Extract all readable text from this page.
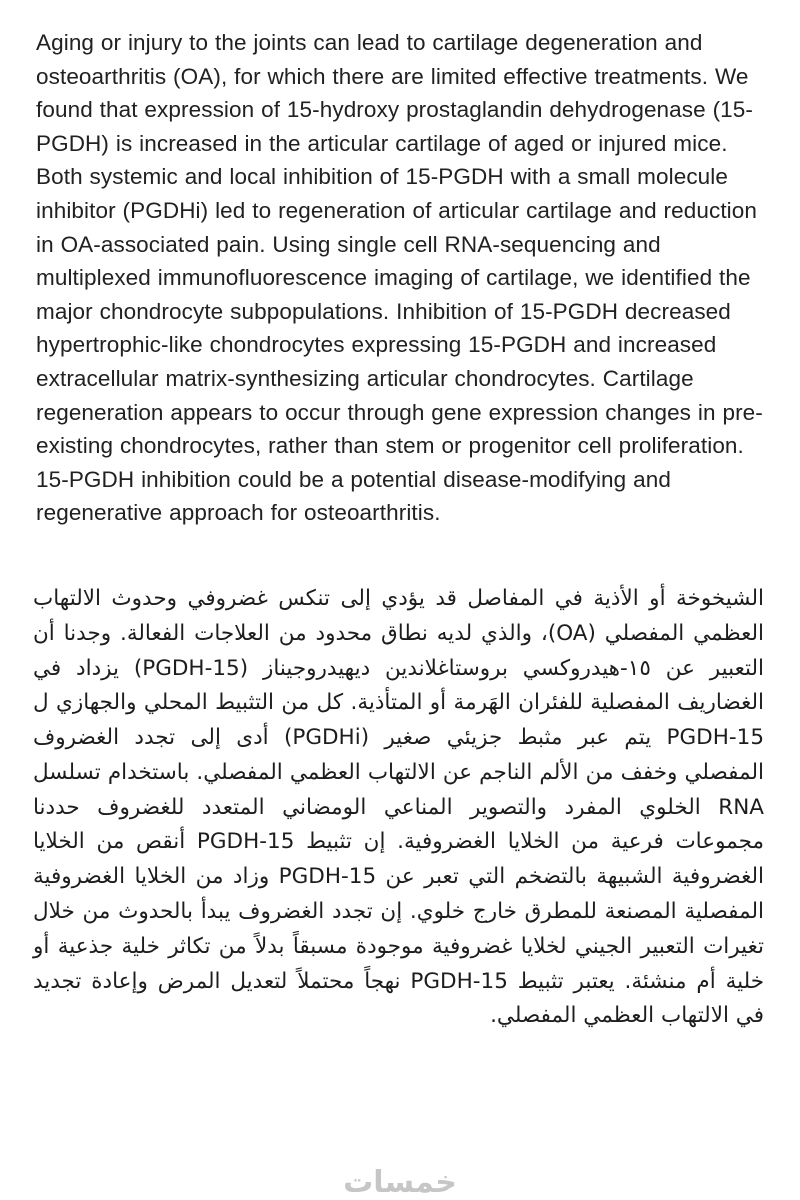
Aging or injury to the joints can lead to cartilage degeneration and osteoarthritis (OA), for which there are limited effective treatments. We found that expression of 15-hydroxy prostaglandin dehydrogenase (15-PGDH) is increased in the articular cartilage of aged or injured mice. Both systemic and local inhibition of 15-PGDH with a small molecule inhibitor (PGDHi) led to regeneration of articular cartilage and reduction in OA-associated pain. Using single cell RNA-sequencing and multiplexed immunofluorescence imaging of cartilage, we identified the major chondrocyte subpopulations. Inhibition of 15-PGDH decreased hypertrophic-like chondrocytes expressing 15-PGDH and increased extracellular matrix-synthesizing articular chondrocytes. Cartilage regeneration appears to occur through gene expression changes in pre-existing chondrocytes, rather than stem or progenitor cell proliferation. 15-PGDH inhibition could be a potential disease-modifying and regenerative approach for osteoarthritis.

الشيخوخة أو الأذية في المفاصل قد يؤدي إلى تنكس غضروفي وحدوث الالتهاب العظمي المفصلي (OA)، والذي لديه نطاق محدود من العلاجات الفعالة. وجدنا أن التعبير عن ١٥-هيدروكسي بروستاغلاندين ديهيدروجيناز (15-PGDH) يزداد في الغضاريف المفصلية للفئران الهَرمة أو المتأذية. كل من التثبيط المحلي والجهازي ل 15-PGDH يتم عبر مثبط جزيئي صغير (PGDHi) أدى إلى تجدد الغضروف المفصلي وخفف من الألم الناجم عن الالتهاب العظمي المفصلي. باستخدام تسلسل RNA الخلوي المفرد والتصوير المناعي الومضاني المتعدد للغضروف حددنا مجموعات فرعية من الخلايا الغضروفية. إن تثبيط 15-PGDH أنقص من الخلايا الغضروفية الشبيهة بالتضخم التي تعبر عن 15-PGDH وزاد من الخلايا الغضروفية المفصلية المصنعة للمطرق خارج خلوي. إن تجدد الغضروف يبدأ بالحدوث من خلال تغيرات التعبير الجيني لخلايا غضروفية موجودة مسبقاً بدلاً من تكاثر خلية جذعية أو خلية أم منشئة. يعتبر تثبيط 15-PGDH نهجاً محتملاً لتعديل المرض وإعادة تجديد في الالتهاب العظمي المفصلي.

خمسات
